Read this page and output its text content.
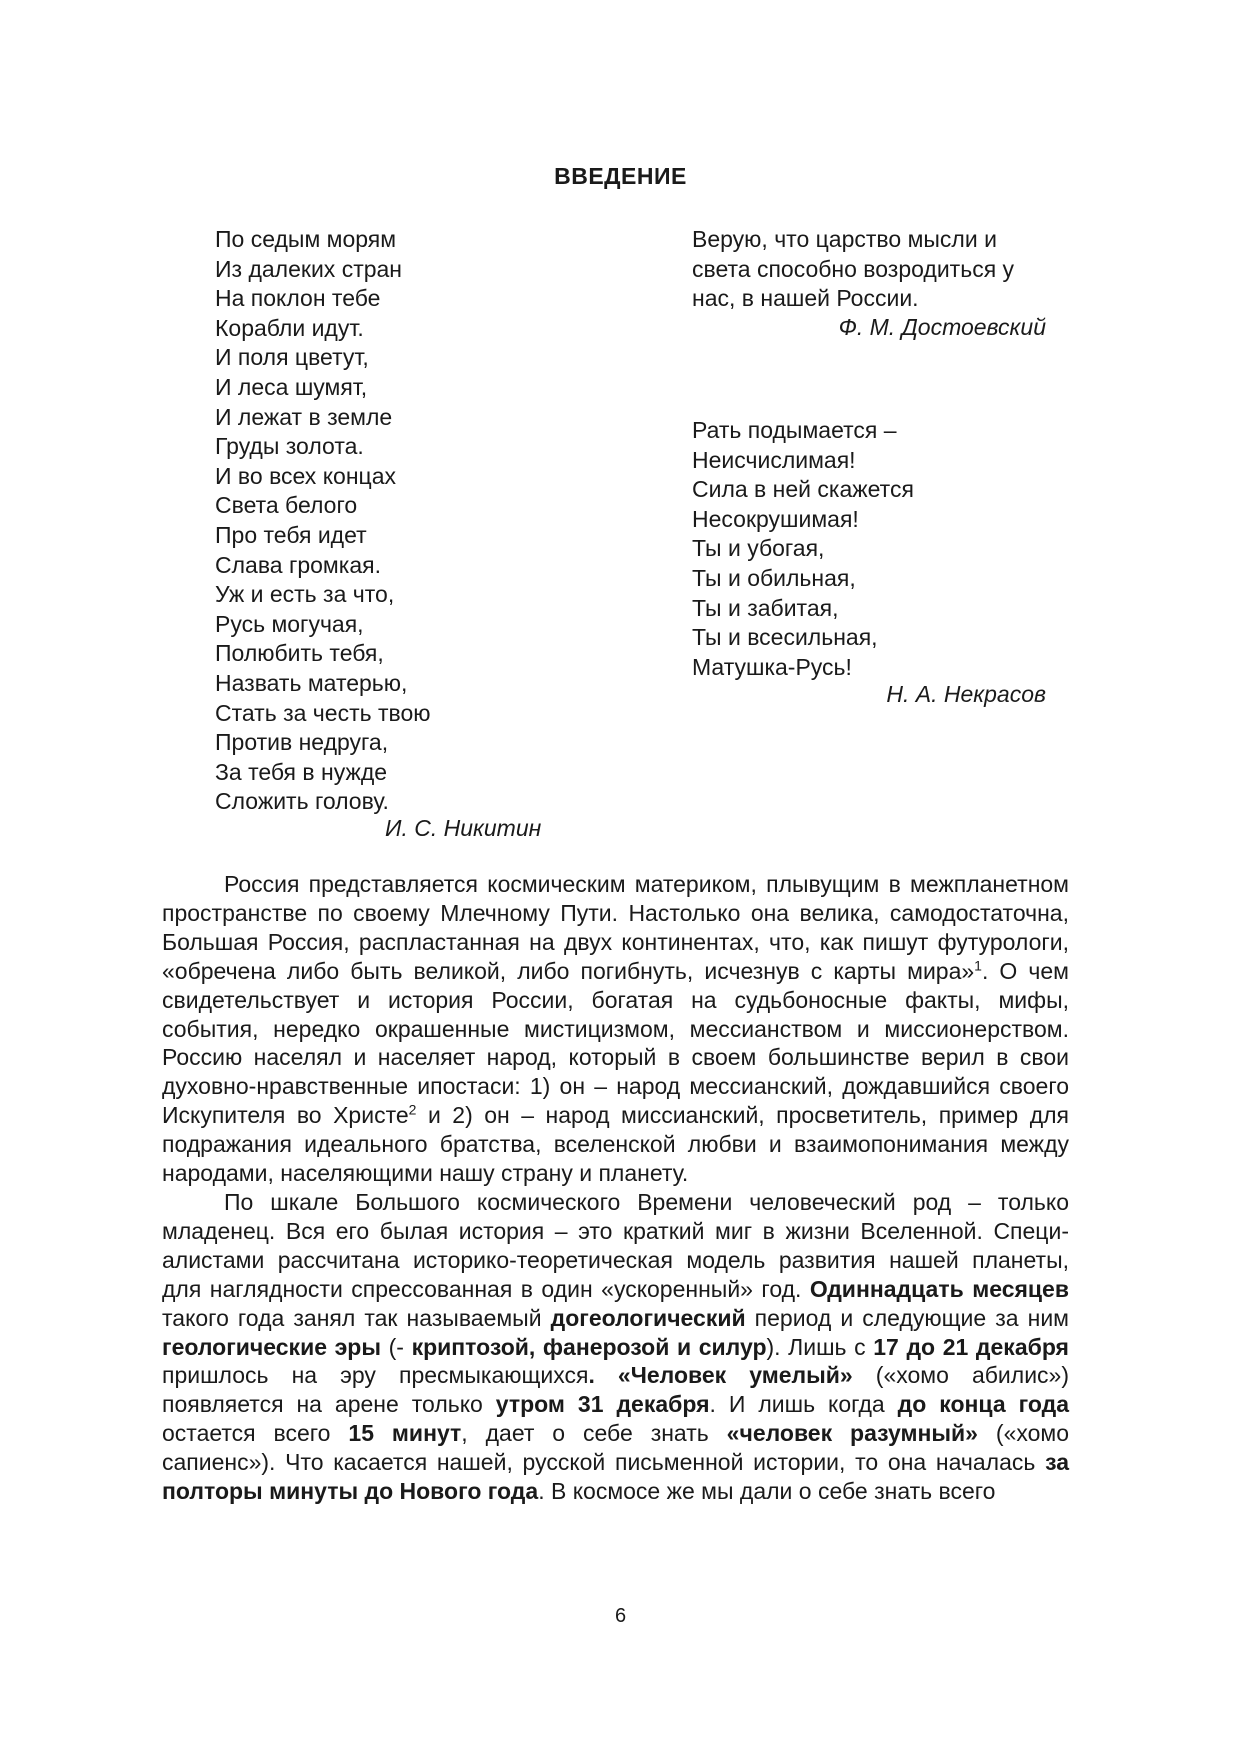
ВВЕДЕНИЕ
По седым морям
Из далеких стран
На поклон тебе
Корабли идут.
И поля цветут,
И леса шумят,
И лежат в земле
Груды золота.
И во всех концах
Света белого
Про тебя идет
Слава громкая.
Уж и есть за что,
Русь могучая,
Полюбить тебя,
Назвать матерью,
Стать за честь твою
Против недруга,
За тебя в нужде
Сложить голову.
И. С. Никитин
Верую, что царство мысли и
света способно возродиться у
нас, в нашей России.
Ф. М. Достоевский
Рать подымается –
Неисчислимая!
Сила в ней скажется
Несокрушимая!
Ты и убогая,
Ты и обильная,
Ты и забитая,
Ты и всесильная,
Матушка-Русь!
Н. А. Некрасов

Россия представляется космическим материком, плывущим в межпланетном пространстве по своему Млечному Пути. Настолько она велика, самодостаточна, Большая Россия, распластанная на двух континентах, что, как пишут футурологи, «обречена либо быть великой, либо погибнуть, исчезнув с карты мира»$^1$. О чем свидетельствует и история России, богатая на судьбоносные факты, мифы, события, нередко окрашенные мистицизмом, мессианством и миссионерством. Россию населял и населяет народ, который в своем большинстве верил в свои духовно-нравственные ипостаси: 1) он – народ мессианский, дождавшийся своего Искупителя во Христе$^2$ и 2) он – народ миссианский, просветитель, пример для подражания идеального братства, вселенской любви и взаимопонимания между народами, населяющими нашу страну и планету.

По шкале Большого космического Времени человеческий род – только младенец. Вся его былая история – это краткий миг в жизни Вселенной. Специалистами рассчитана историко-теоретическая модель развития нашей планеты, для наглядности спрессованная в один «ускоренный» год. Одиннадцать месяцев такого года занял так называемый догеологический период и следующие за ним геологические эры (- криптозой, фанерозой и силур). Лишь с 17 до 21 декабря пришлось на эру пресмыкающихся. «Человек умелый» («хомо абилис») появляется на арене только утром 31 декабря. И лишь когда до конца года остается всего 15 минут, дает о себе знать «человек разумный» («хомо сапиенс»). Что касается нашей, русской письменной истории, то она началась за полторы минуты до Нового года. В космосе же мы дали о себе знать всего

6
